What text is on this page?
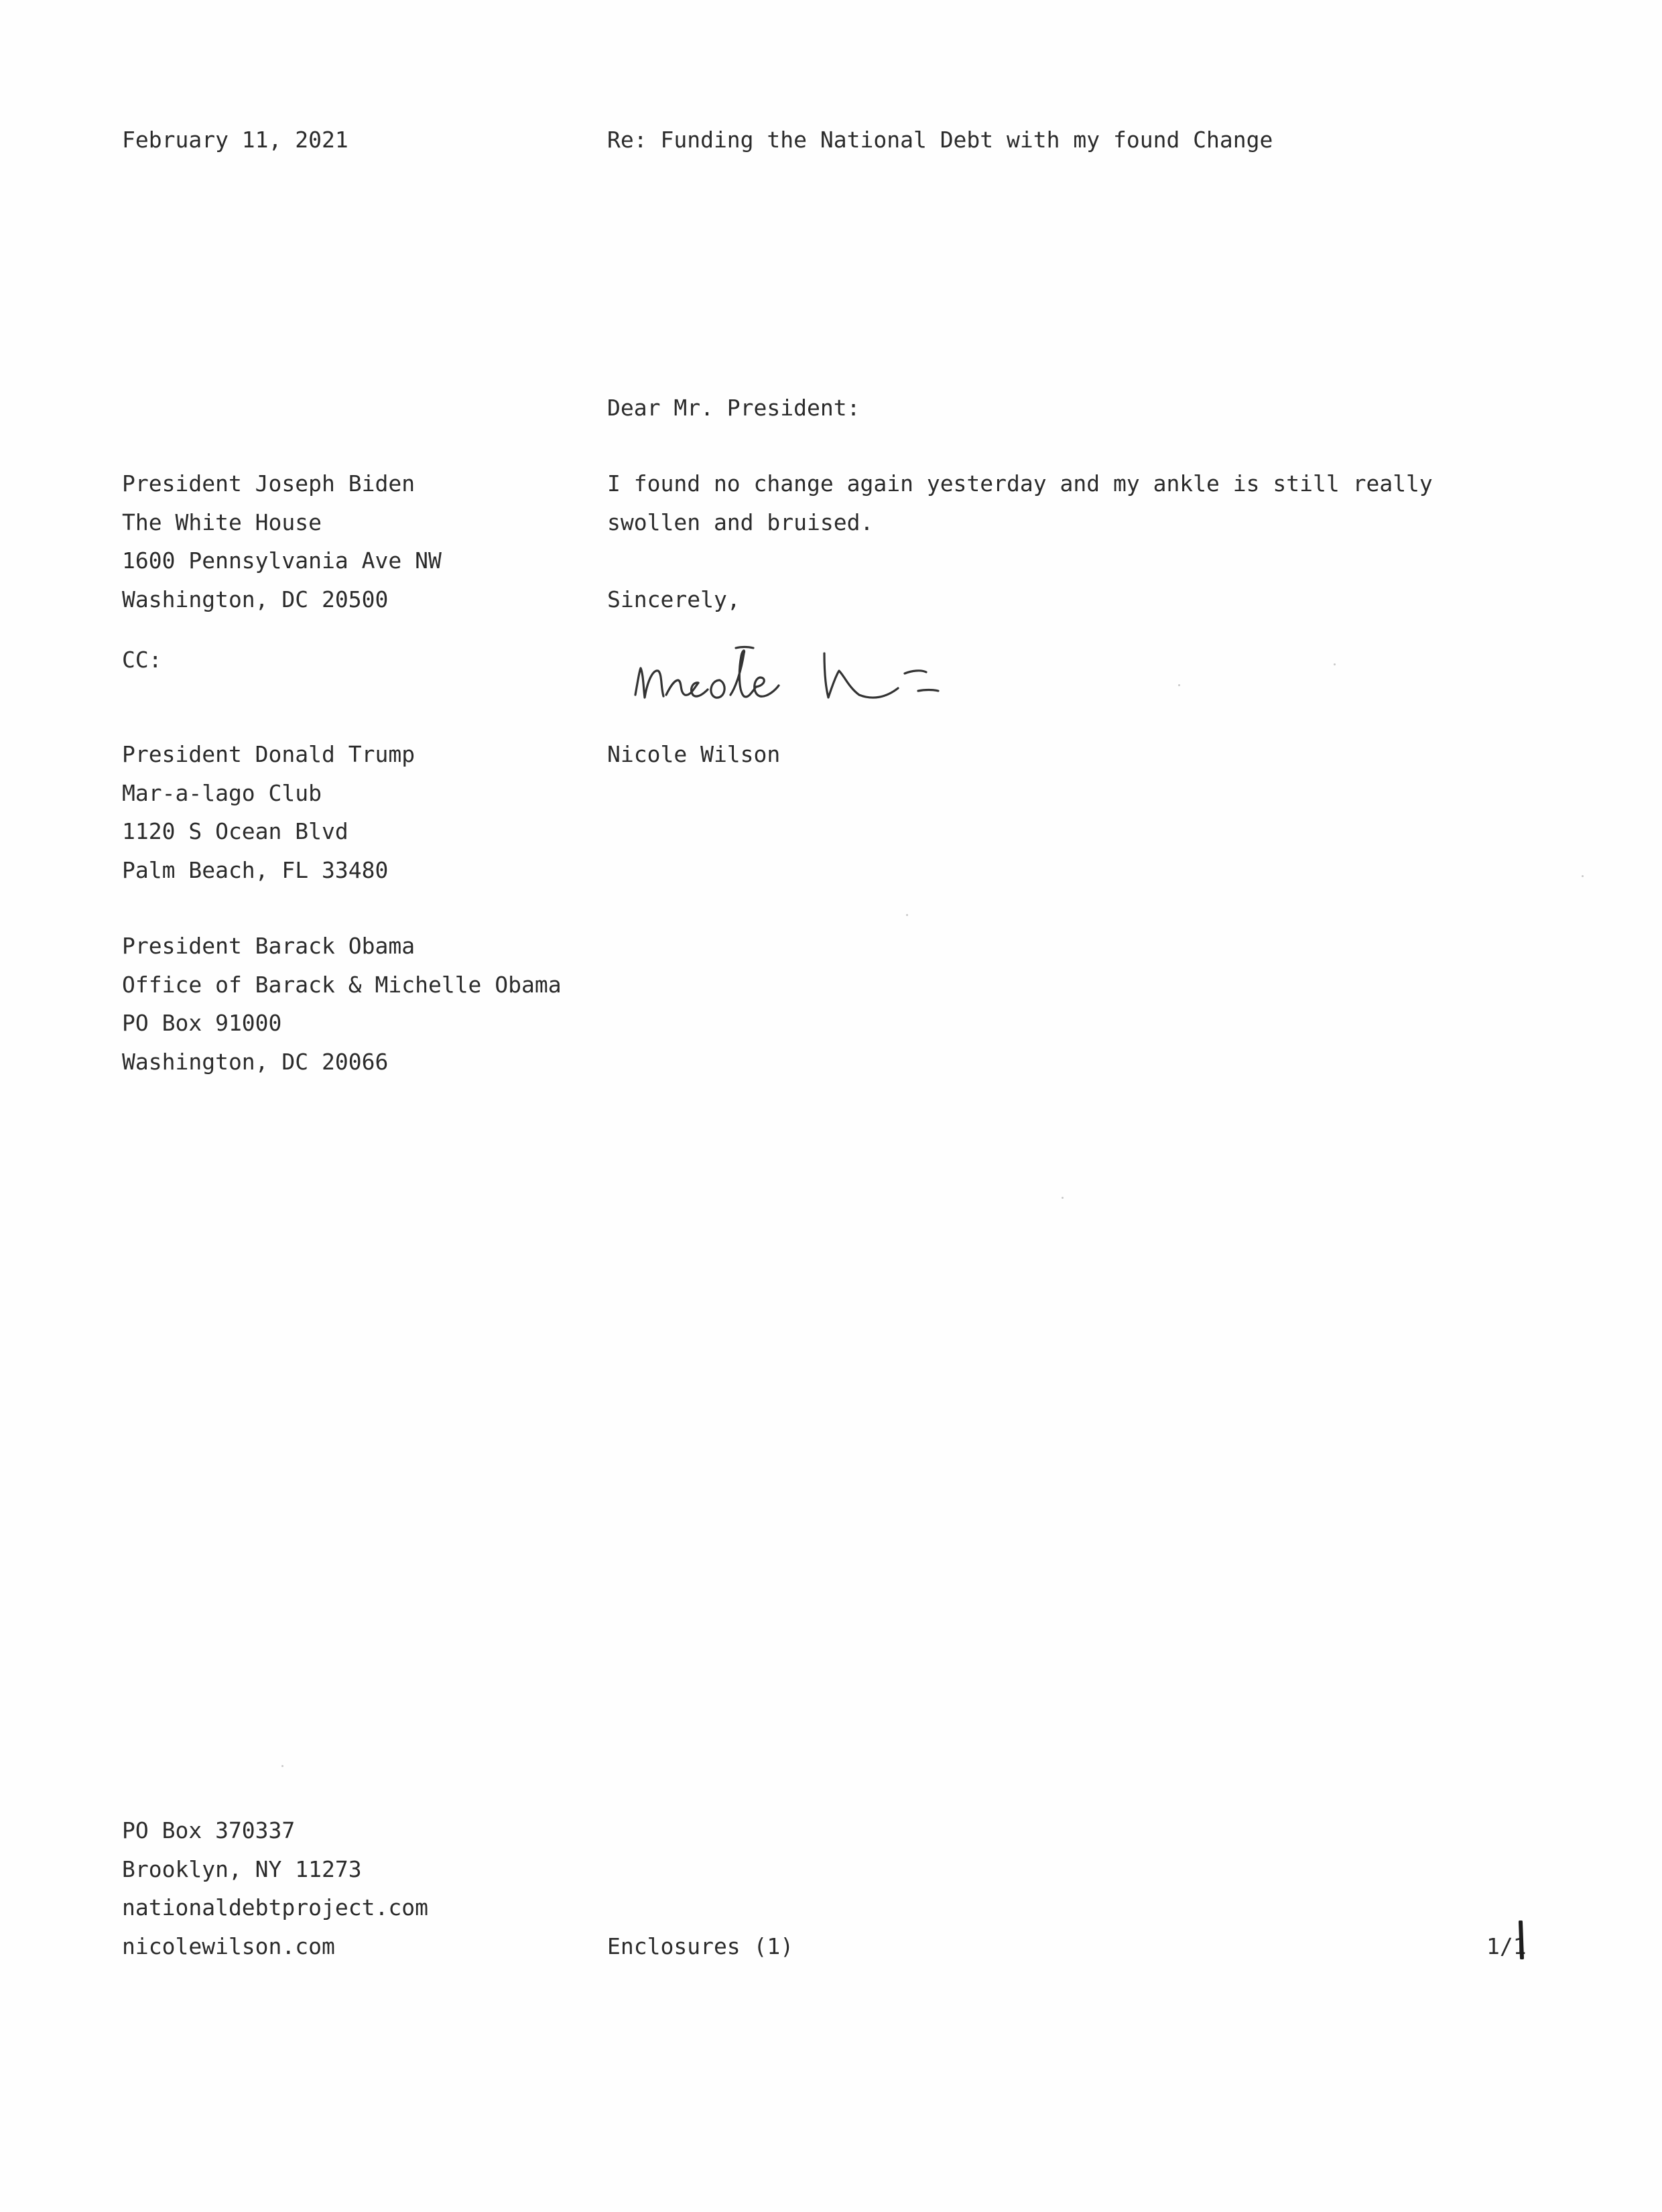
February 11, 2021	Re: Funding the National Debt with my found Change
Dear Mr. President:
President Joseph Biden
The White House
1600 Pennsylvania Ave NW
Washington, DC 20500
I found no change again yesterday and my ankle is still really
swollen and bruised.
Sincerely,
CC:
Nicole Wilson
President Donald Trump
Mar-a-lago Club
1120 S Ocean Blvd
Palm Beach, FL 33480
President Barack Obama
Office of Barack & Michelle Obama
PO Box 91000
Washington, DC 20066
PO Box 370337
Brooklyn, NY 11273
nationaldebtproject.com
nicolewilson.com	Enclosures (1)	1/1
